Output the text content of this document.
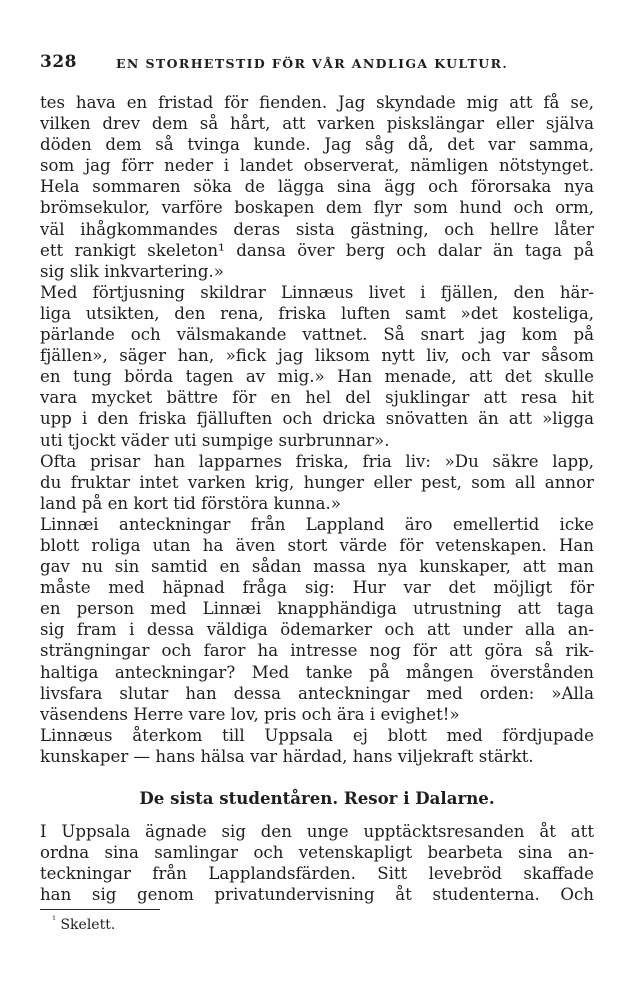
328	EN STORHETSTID FÖR VÅR ANDLIGA KULTUR.
tes hava en fristad för fienden. Jag skyndade mig att få se,
vilken drev dem så hårt, att varken piskslängar eller själva
döden dem så tvinga kunde. Jag såg då, det var samma,
som jag förr neder i landet observerat, nämligen nötstynget.
Hela sommaren söka de lägga sina ägg och förorsaka nya
brömsekulor, varföre boskapen dem flyr som hund och orm,
väl ihågkommandes deras sista gästning, och hellre låter
ett rankigt skeleton¹ dansa över berg och dalar än taga på
sig slik inkvartering.»
Med förtjusning skildrar Linnæus livet i fjällen, den här-
liga utsikten, den rena, friska luften samt »det kosteliga,
pärlande och välsmakande vattnet. Så snart jag kom på
fjällen», säger han, »fick jag liksom nytt liv, och var såsom
en tung börda tagen av mig.» Han menade, att det skulle
vara mycket bättre för en hel del sjuklingar att resa hit
upp i den friska fjälluften och dricka snövatten än att »ligga
uti tjockt väder uti sumpige surbrunnar».
Ofta prisar han lapparnes friska, fria liv: »Du säkre lapp,
du fruktar intet varken krig, hunger eller pest, som all annor
land på en kort tid förstöra kunna.»
Linnæi anteckningar från Lappland äro emellertid icke
blott roliga utan ha även stort värde för vetenskapen. Han
gav nu sin samtid en sådan massa nya kunskaper, att man
måste med häpnad fråga sig: Hur var det möjligt för
en person med Linnæi knapphändiga utrustning att taga
sig fram i dessa väldiga ödemarker och att under alla an-
strängningar och faror ha intresse nog för att göra så rik-
haltiga anteckningar? Med tanke på mången överstånden
livsfara slutar han dessa anteckningar med orden: »Alla
väsendens Herre vare lov, pris och ära i evighet!»
Linnæus återkom till Uppsala ej blott med fördjupade
kunskaper — hans hälsa var härdad, hans viljekraft stärkt.
De sista studentåren. Resor i Dalarne.
I Uppsala ägnade sig den unge upptäcktsresanden åt att
ordna sina samlingar och vetenskapligt bearbeta sina an-
teckningar från Lapplandsfärden. Sitt levebröd skaffade
han sig genom privatundervisning åt studenterna. Och
$^{^1}$ Skelett.
